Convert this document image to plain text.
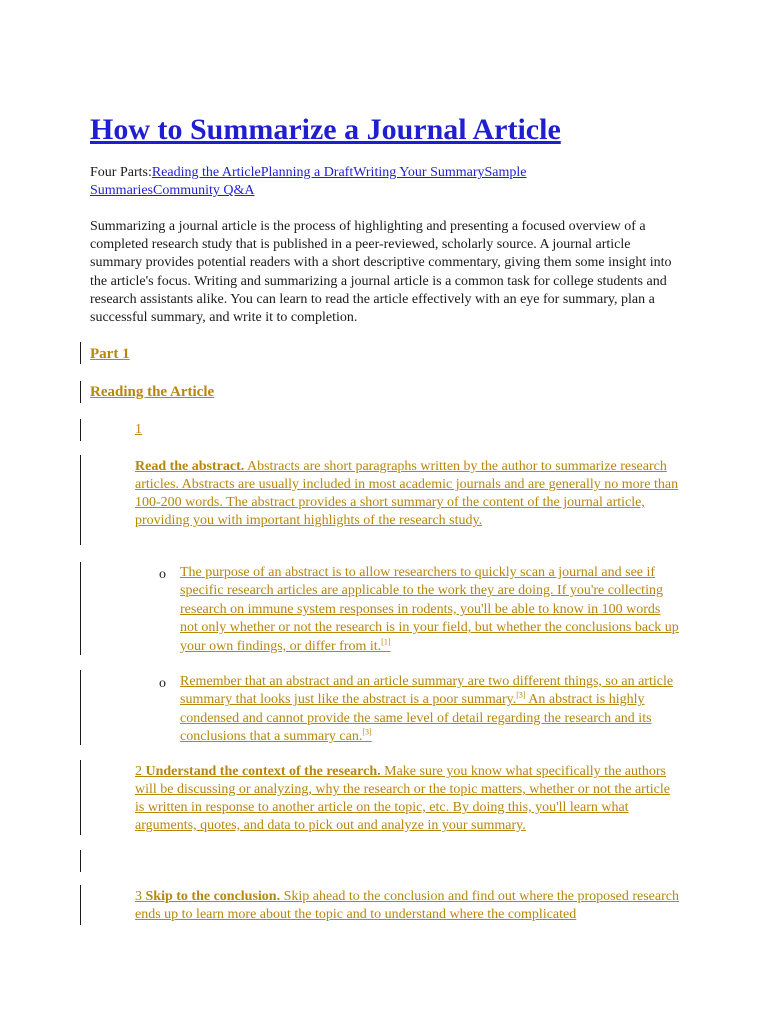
How to Summarize a Journal Article
Four Parts:Reading the ArticlePlanning a DraftWriting Your SummarySample SummariesCommunity Q&A

Summarizing a journal article is the process of highlighting and presenting a focused overview of a completed research study that is published in a peer-reviewed, scholarly source. A journal article summary provides potential readers with a short descriptive commentary, giving them some insight into the article's focus. Writing and summarizing a journal article is a common task for college students and research assistants alike. You can learn to read the article effectively with an eye for summary, plan a successful summary, and write it to completion.

Part 1
Reading the Article
1

Read the abstract. Abstracts are short paragraphs written by the author to summarize research articles. Abstracts are usually included in most academic journals and are generally no more than 100-200 words. The abstract provides a short summary of the content of the journal article, providing you with important highlights of the research study.

o The purpose of an abstract is to allow researchers to quickly scan a journal and see if specific research articles are applicable to the work they are doing. If you're collecting research on immune system responses in rodents, you'll be able to know in 100 words not only whether or not the research is in your field, but whether the conclusions back up your own findings, or differ from it.[1]

o Remember that an abstract and an article summary are two different things, so an article summary that looks just like the abstract is a poor summary.[3] An abstract is highly condensed and cannot provide the same level of detail regarding the research and its conclusions that a summary can.[3]

2 Understand the context of the research. Make sure you know what specifically the authors will be discussing or analyzing, why the research or the topic matters, whether or not the article is written in response to another article on the topic, etc. By doing this, you'll learn what arguments, quotes, and data to pick out and analyze in your summary.

3 Skip to the conclusion. Skip ahead to the conclusion and find out where the proposed research ends up to learn more about the topic and to understand where the complicated
